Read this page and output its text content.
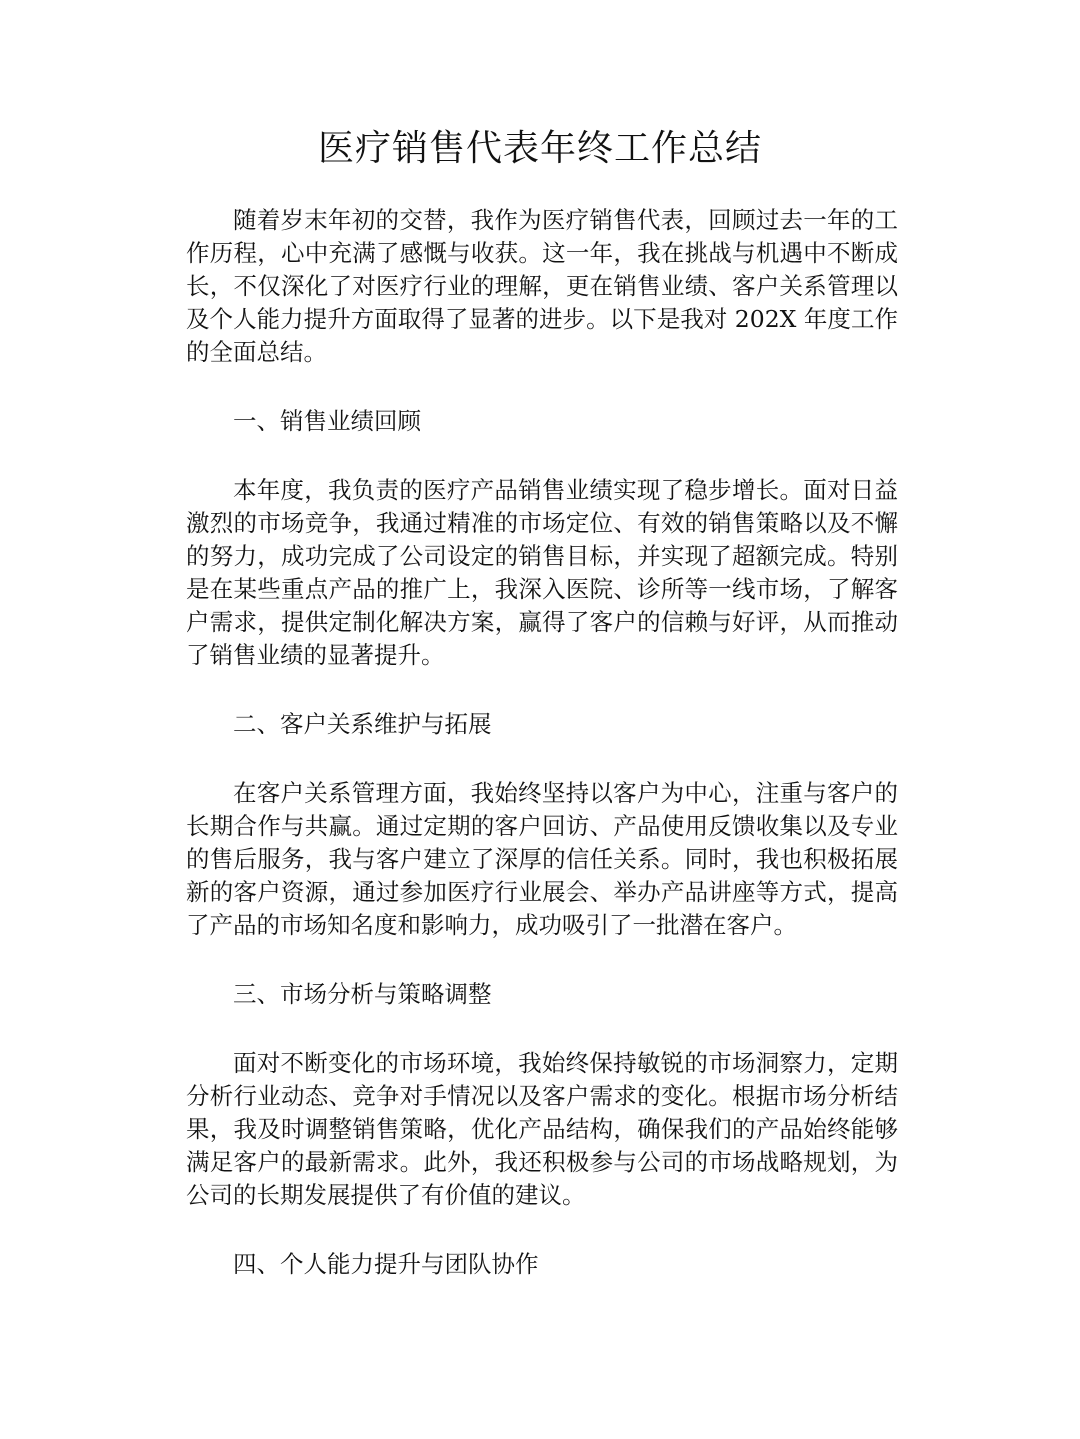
医疗销售代表年终工作总结

随着岁末年初的交替，我作为医疗销售代表，回顾过去一年的工作历程，心中充满了感慨与收获。这一年，我在挑战与机遇中不断成长，不仅深化了对医疗行业的理解，更在销售业绩、客户关系管理以及个人能力提升方面取得了显著的进步。以下是我对 202X 年度工作的全面总结。

一、销售业绩回顾

本年度，我负责的医疗产品销售业绩实现了稳步增长。面对日益激烈的市场竞争，我通过精准的市场定位、有效的销售策略以及不懈的努力，成功完成了公司设定的销售目标，并实现了超额完成。特别是在某些重点产品的推广上，我深入医院、诊所等一线市场，了解客户需求，提供定制化解决方案，赢得了客户的信赖与好评，从而推动了销售业绩的显著提升。

二、客户关系维护与拓展

在客户关系管理方面，我始终坚持以客户为中心，注重与客户的长期合作与共赢。通过定期的客户回访、产品使用反馈收集以及专业的售后服务，我与客户建立了深厚的信任关系。同时，我也积极拓展新的客户资源，通过参加医疗行业展会、举办产品讲座等方式，提高了产品的市场知名度和影响力，成功吸引了一批潜在客户。

三、市场分析与策略调整

面对不断变化的市场环境，我始终保持敏锐的市场洞察力，定期分析行业动态、竞争对手情况以及客户需求的变化。根据市场分析结果，我及时调整销售策略，优化产品结构，确保我们的产品始终能够满足客户的最新需求。此外，我还积极参与公司的市场战略规划，为公司的长期发展提供了有价值的建议。

四、个人能力提升与团队协作
